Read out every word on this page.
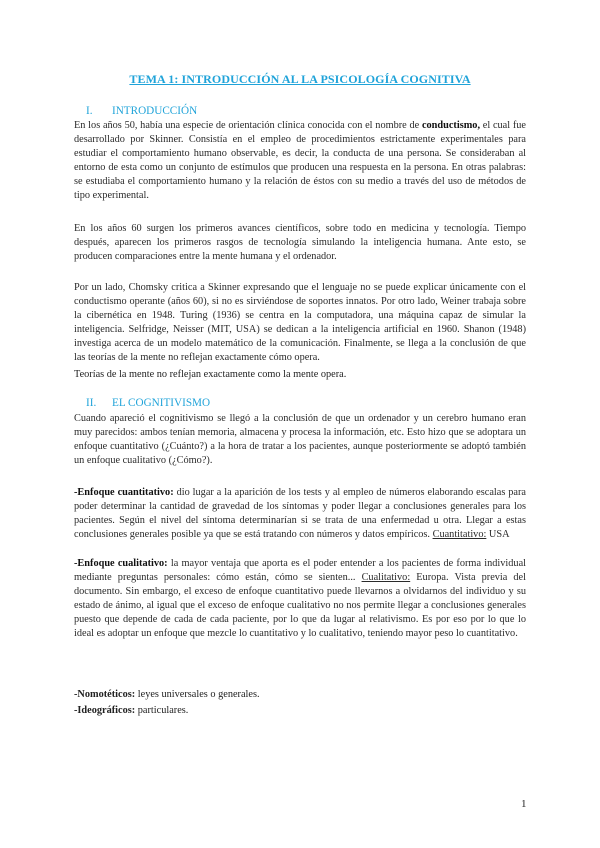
TEMA 1: INTRODUCCIÓN AL LA PSICOLOGÍA COGNITIVA
I. INTRODUCCIÓN
En los años 50, había una especie de orientación clínica conocida con el nombre de conductismo, el cual fue desarrollado por Skinner. Consistía en el empleo de procedimientos estrictamente experimentales para estudiar el comportamiento humano observable, es decir, la conducta de una persona. Se consideraban al entorno de esta como un conjunto de estímulos que producen una respuesta en la persona. En otras palabras: se estudiaba el comportamiento humano y la relación de éstos con su medio a través del uso de métodos de tipo experimental.
En los años 60 surgen los primeros avances científicos, sobre todo en medicina y tecnología. Tiempo después, aparecen los primeros rasgos de tecnología simulando la inteligencia humana. Ante esto, se producen comparaciones entre la mente humana y el ordenador.
Por un lado, Chomsky critica a Skinner expresando que el lenguaje no se puede explicar únicamente con el conductismo operante (años 60), si no es sirviéndose de soportes innatos. Por otro lado, Weiner trabaja sobre la cibernética en 1948. Turing (1936) se centra en la computadora, una máquina capaz de simular la inteligencia. Selfridge, Neisser (MIT, USA) se dedican a la inteligencia artificial en 1960. Shanon (1948) investiga acerca de un modelo matemático de la comunicación. Finalmente, se llega a la conclusión de que las teorías de la mente no reflejan exactamente cómo opera.
Teorías de la mente no reflejan exactamente como la mente opera.
II. EL COGNITIVISMO
Cuando apareció el cognitivismo se llegó a la conclusión de que un ordenador y un cerebro humano eran muy parecidos: ambos tenían memoria, almacena y procesa la información, etc. Esto hizo que se adoptara un enfoque cuantitativo (¿Cuánto?) a la hora de tratar a los pacientes, aunque posteriormente se adoptó también un enfoque cualitativo (¿Cómo?).
-Enfoque cuantitativo: dio lugar a la aparición de los tests y al empleo de números elaborando escalas para poder determinar la cantidad de gravedad de los síntomas y poder llegar a conclusiones generales para los pacientes. Según el nivel del síntoma determinarían si se trata de una enfermedad u otra. Llegar a estas conclusiones generales posible ya que se está tratando con números y datos empíricos. Cuantitativo: USA
-Enfoque cualitativo: la mayor ventaja que aporta es el poder entender a los pacientes de forma individual mediante preguntas personales: cómo están, cómo se sienten... Cualitativo: Europa. Vista previa del documento. Sin embargo, el exceso de enfoque cuantitativo puede llevarnos a olvidarnos del individuo y su estado de ánimo, al igual que el exceso de enfoque cualitativo no nos permite llegar a conclusiones generales puesto que depende de cada de cada paciente, por lo que da lugar al relativismo. Es por eso por lo que lo ideal es adoptar un enfoque que mezcle lo cuantitativo y lo cualitativo, teniendo mayor peso lo cuantitativo.
-Nomotéticos: leyes universales o generales.
-Ideográficos: particulares.
1
